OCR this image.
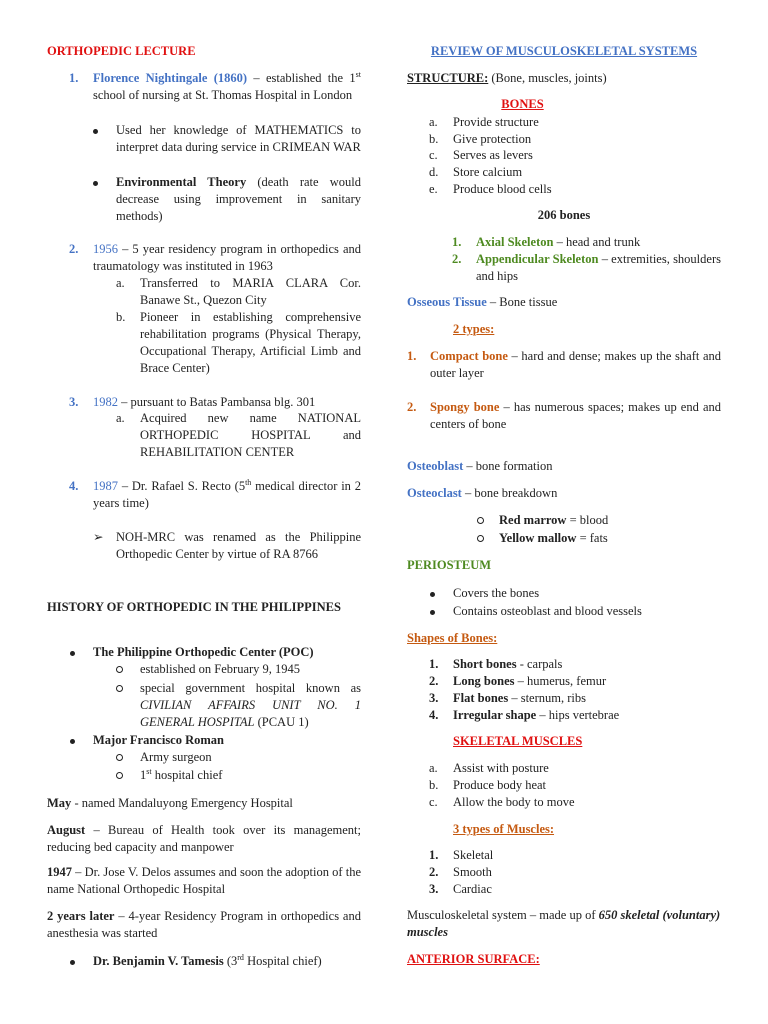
ORTHOPEDIC LECTURE
1. Florence Nightingale (1860) – established the 1st school of nursing at St. Thomas Hospital in London
Used her knowledge of MATHEMATICS to interpret data during service in CRIMEAN WAR
Environmental Theory (death rate would decrease using improvement in sanitary methods)
2. 1956 – 5 year residency program in orthopedics and traumatology was instituted in 1963
a. Transferred to MARIA CLARA Cor. Banawe St., Quezon City
b. Pioneer in establishing comprehensive rehabilitation programs (Physical Therapy, Occupational Therapy, Artificial Limb and Brace Center)
3. 1982 – pursuant to Batas Pambansa blg. 301
a. Acquired new name NATIONAL ORTHOPEDIC HOSPITAL and REHABILITATION CENTER
4. 1987 – Dr. Rafael S. Recto (5th medical director in 2 years time)
➢ NOH-MRC was renamed as the Philippine Orthopedic Center by virtue of RA 8766
HISTORY OF ORTHOPEDIC IN THE PHILIPPINES
The Philippine Orthopedic Center (POC)
established on February 9, 1945
special government hospital known as CIVILIAN AFFAIRS UNIT NO. 1 GENERAL HOSPITAL (PCAU 1)
Major Francisco Roman
Army surgeon
1st hospital chief
May - named Mandaluyong Emergency Hospital
August – Bureau of Health took over its management; reducing bed capacity and manpower
1947 – Dr. Jose V. Delos assumes and soon the adoption of the name National Orthopedic Hospital
2 years later – 4-year Residency Program in orthopedics and anesthesia was started
Dr. Benjamin V. Tamesis (3rd Hospital chief)
REVIEW OF MUSCULOSKELETAL SYSTEMS
STRUCTURE: (Bone, muscles, joints)
BONES
a. Provide structure
b. Give protection
c. Serves as levers
d. Store calcium
e. Produce blood cells
206 bones
1. Axial Skeleton – head and trunk
2. Appendicular Skeleton – extremities, shoulders and hips
Osseous Tissue – Bone tissue
2 types:
1. Compact bone – hard and dense; makes up the shaft and outer layer
2. Spongy bone – has numerous spaces; makes up end and centers of bone
Osteoblast – bone formation
Osteoclast – bone breakdown
Red marrow = blood
Yellow mallow = fats
PERIOSTEUM
Covers the bones
Contains osteoblast and blood vessels
Shapes of Bones:
1. Short bones - carpals
2. Long bones – humerus, femur
3. Flat bones – sternum, ribs
4. Irregular shape – hips vertebrae
SKELETAL MUSCLES
a. Assist with posture
b. Produce body heat
c. Allow the body to move
3 types of Muscles:
1. Skeletal
2. Smooth
3. Cardiac
Musculoskeletal system – made up of 650 skeletal (voluntary) muscles
ANTERIOR SURFACE:
